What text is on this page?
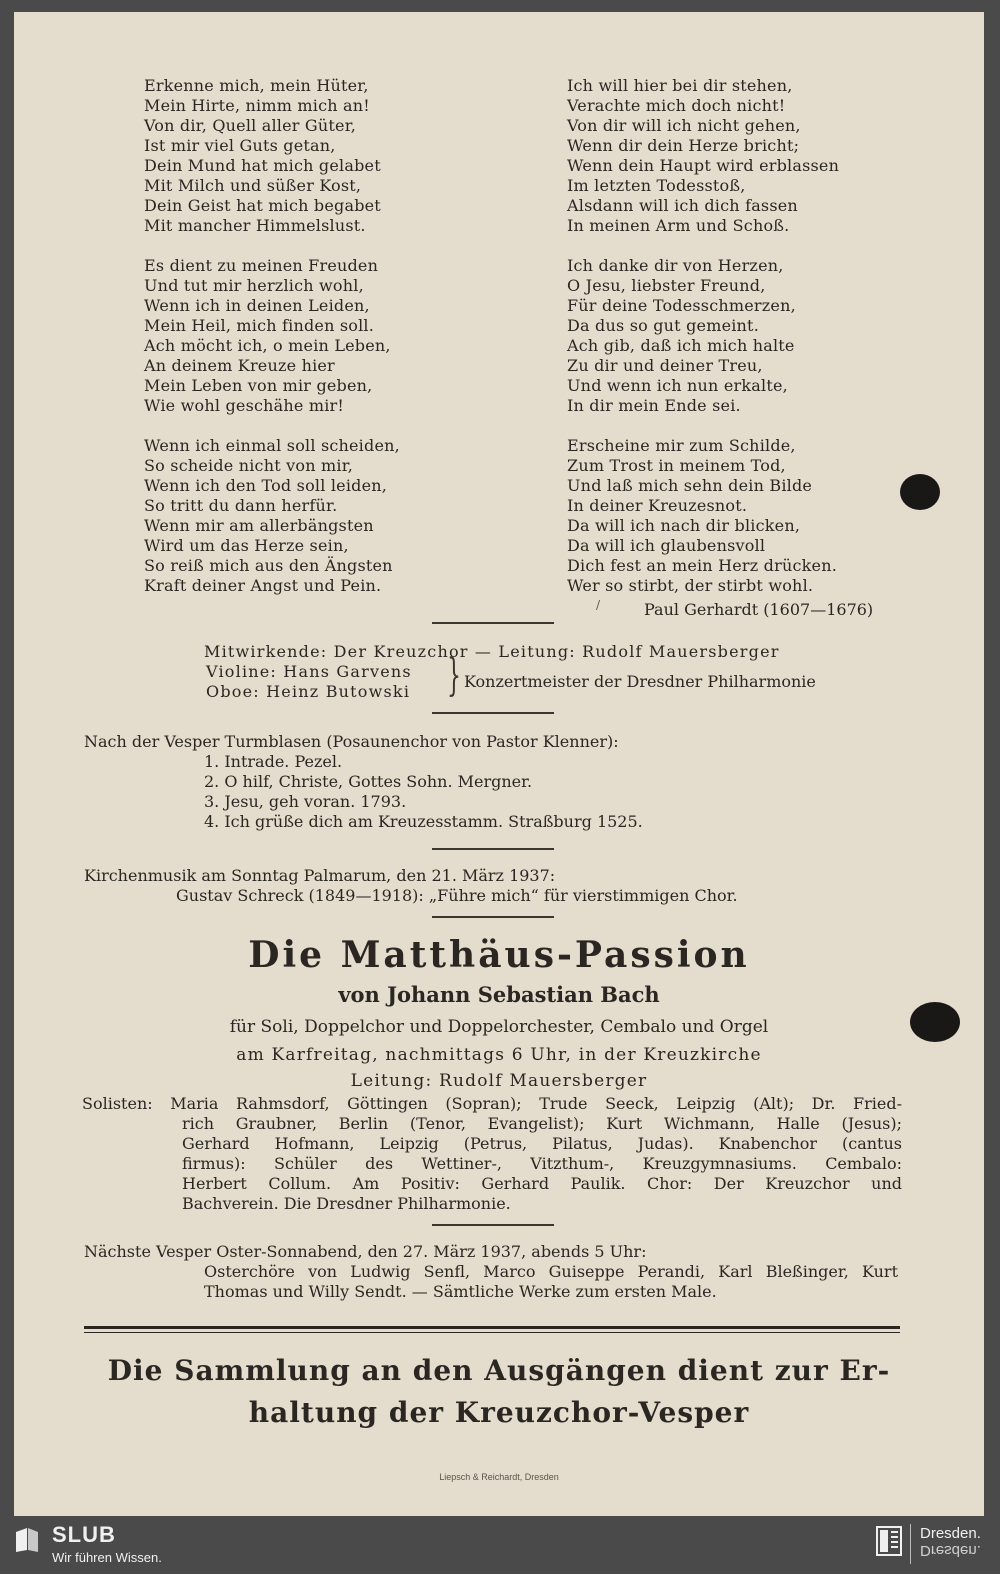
Erkenne mich, mein Hüter,
Mein Hirte, nimm mich an!
Von dir, Quell aller Güter,
Ist mir viel Guts getan,
Dein Mund hat mich gelabet
Mit Milch und süßer Kost,
Dein Geist hat mich begabet
Mit mancher Himmelslust.
Es dient zu meinen Freuden
Und tut mir herzlich wohl,
Wenn ich in deinen Leiden,
Mein Heil, mich finden soll.
Ach möcht ich, o mein Leben,
An deinem Kreuze hier
Mein Leben von mir geben,
Wie wohl geschähe mir!
Wenn ich einmal soll scheiden,
So scheide nicht von mir,
Wenn ich den Tod soll leiden,
So tritt du dann herfür.
Wenn mir am allerbängsten
Wird um das Herze sein,
So reiß mich aus den Ängsten
Kraft deiner Angst und Pein.
Ich will hier bei dir stehen,
Verachte mich doch nicht!
Von dir will ich nicht gehen,
Wenn dir dein Herze bricht;
Wenn dein Haupt wird erblassen
Im letzten Todesstoß,
Alsdann will ich dich fassen
In meinen Arm und Schoß.
Ich danke dir von Herzen,
O Jesu, liebster Freund,
Für deine Todesschmerzen,
Da dus so gut gemeint.
Ach gib, daß ich mich halte
Zu dir und deiner Treu,
Und wenn ich nun erkalte,
In dir mein Ende sei.
Erscheine mir zum Schilde,
Zum Trost in meinem Tod,
Und laß mich sehn dein Bilde
In deiner Kreuzesnot.
Da will ich nach dir blicken,
Da will ich glaubensvoll
Dich fest an mein Herz drücken.
Wer so stirbt, der stirbt wohl.
/	Paul Gerhardt (1607—1676)
Mitwirkende: Der Kreuzchor — Leitung: Rudolf Mauersberger
Violine: Hans Garvens
Oboe: Heinz Butowski } Konzertmeister der Dresdner Philharmonie
Nach der Vesper Turmblasen (Posaunenchor von Pastor Klenner):
1. Intrade. Pezel.
2. O hilf, Christe, Gottes Sohn. Mergner.
3. Jesu, geh voran. 1793.
4. Ich grüße dich am Kreuzesstamm. Straßburg 1525.
Kirchenmusik am Sonntag Palmarum, den 21. März 1937:
Gustav Schreck (1849—1918): „Führe mich“ für vierstimmigen Chor.
Die Matthäus-Passion
von Johann Sebastian Bach
für Soli, Doppelchor und Doppelorchester, Cembalo und Orgel
am Karfreitag, nachmittags 6 Uhr, in der Kreuzkirche
Leitung: Rudolf Mauersberger
Solisten: Maria Rahmsdorf, Göttingen (Sopran); Trude Seeck, Leipzig (Alt); Dr. Fried-
rich Graubner, Berlin (Tenor, Evangelist); Kurt Wichmann, Halle (Jesus);
Gerhard Hofmann, Leipzig (Petrus, Pilatus, Judas). Knabenchor (cantus
firmus): Schüler des Wettiner-, Vitzthum-, Kreuzgymnasiums. Cembalo:
Herbert Collum. Am Positiv: Gerhard Paulik. Chor: Der Kreuzchor und
Bachverein. Die Dresdner Philharmonie.
Nächste Vesper Oster-Sonnabend, den 27. März 1937, abends 5 Uhr:
Osterchöre von Ludwig Senfl, Marco Guiseppe Perandi, Karl Bleßinger, Kurt
Thomas und Willy Sendt. — Sämtliche Werke zum ersten Male.
Die Sammlung an den Ausgängen dient zur Er-
haltung der Kreuzchor-Vesper
Liepsch & Reichardt, Dresden
SLUB
Wir führen Wissen.
Dresden.
Dresden.
